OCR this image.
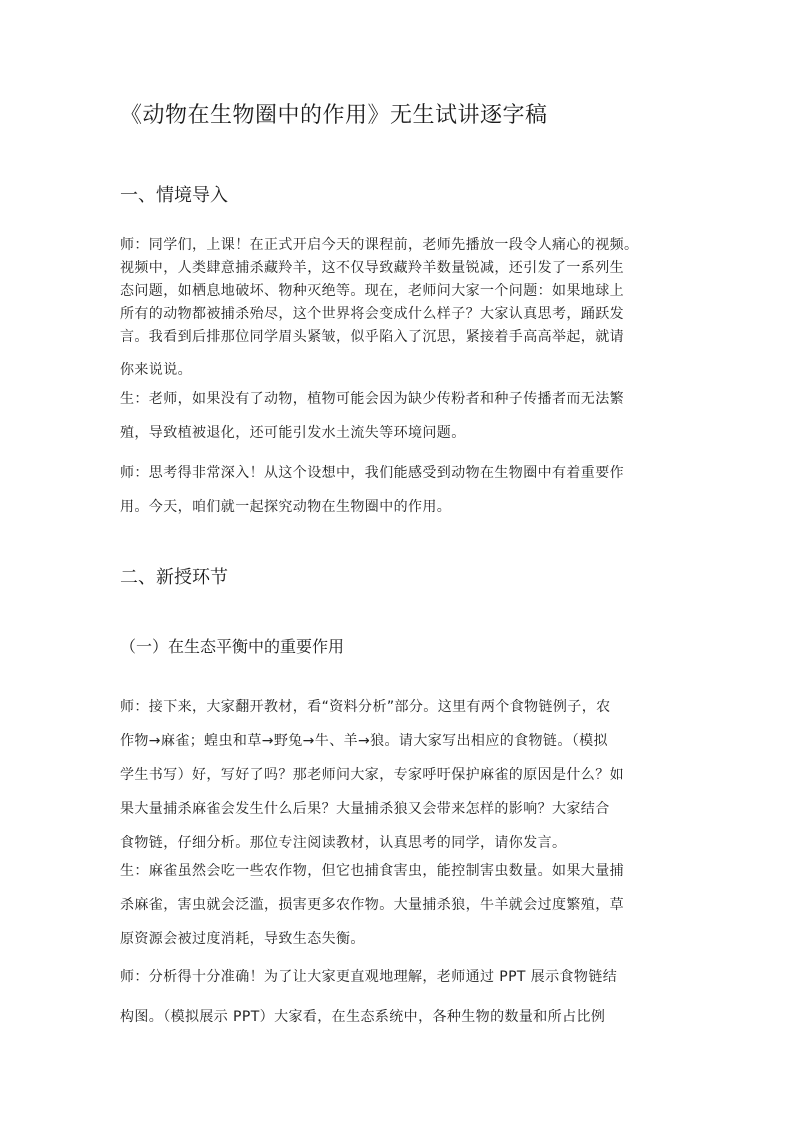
《动物在生物圈中的作用》无生试讲逐字稿
一、情境导入
师：同学们，上课！在正式开启今天的课程前，老师先播放一段令人痛心的视频。
视频中，人类肆意捕杀藏羚羊，这不仅导致藏羚羊数量锐减，还引发了一系列生
态问题，如栖息地破坏、物种灭绝等。现在，老师问大家一个问题：如果地球上
所有的动物都被捕杀殆尽，这个世界将会变成什么样子？大家认真思考，踊跃发
言。我看到后排那位同学眉头紧皱，似乎陷入了沉思，紧接着手高高举起，就请
你来说说。
生：老师，如果没有了动物，植物可能会因为缺少传粉者和种子传播者而无法繁
殖，导致植被退化，还可能引发水土流失等环境问题。
师：思考得非常深入！从这个设想中，我们能感受到动物在生物圈中有着重要作
用。今天，咱们就一起探究动物在生物圈中的作用。
二、新授环节
（一）在生态平衡中的重要作用
师：接下来，大家翻开教材，看“资料分析”部分。这里有两个食物链例子，农
作物→麻雀；蝗虫和草→野兔→牛、羊→狼。请大家写出相应的食物链。（模拟
学生书写）好，写好了吗？那老师问大家，专家呼吁保护麻雀的原因是什么？如
果大量捕杀麻雀会发生什么后果？大量捕杀狼又会带来怎样的影响？大家结合
食物链，仔细分析。那位专注阅读教材，认真思考的同学，请你发言。
生：麻雀虽然会吃一些农作物，但它也捕食害虫，能控制害虫数量。如果大量捕
杀麻雀，害虫就会泛滥，损害更多农作物。大量捕杀狼，牛羊就会过度繁殖，草
原资源会被过度消耗，导致生态失衡。
师：分析得十分准确！为了让大家更直观地理解，老师通过 PPT 展示食物链结
构图。（模拟展示 PPT）大家看，在生态系统中，各种生物的数量和所占比例
